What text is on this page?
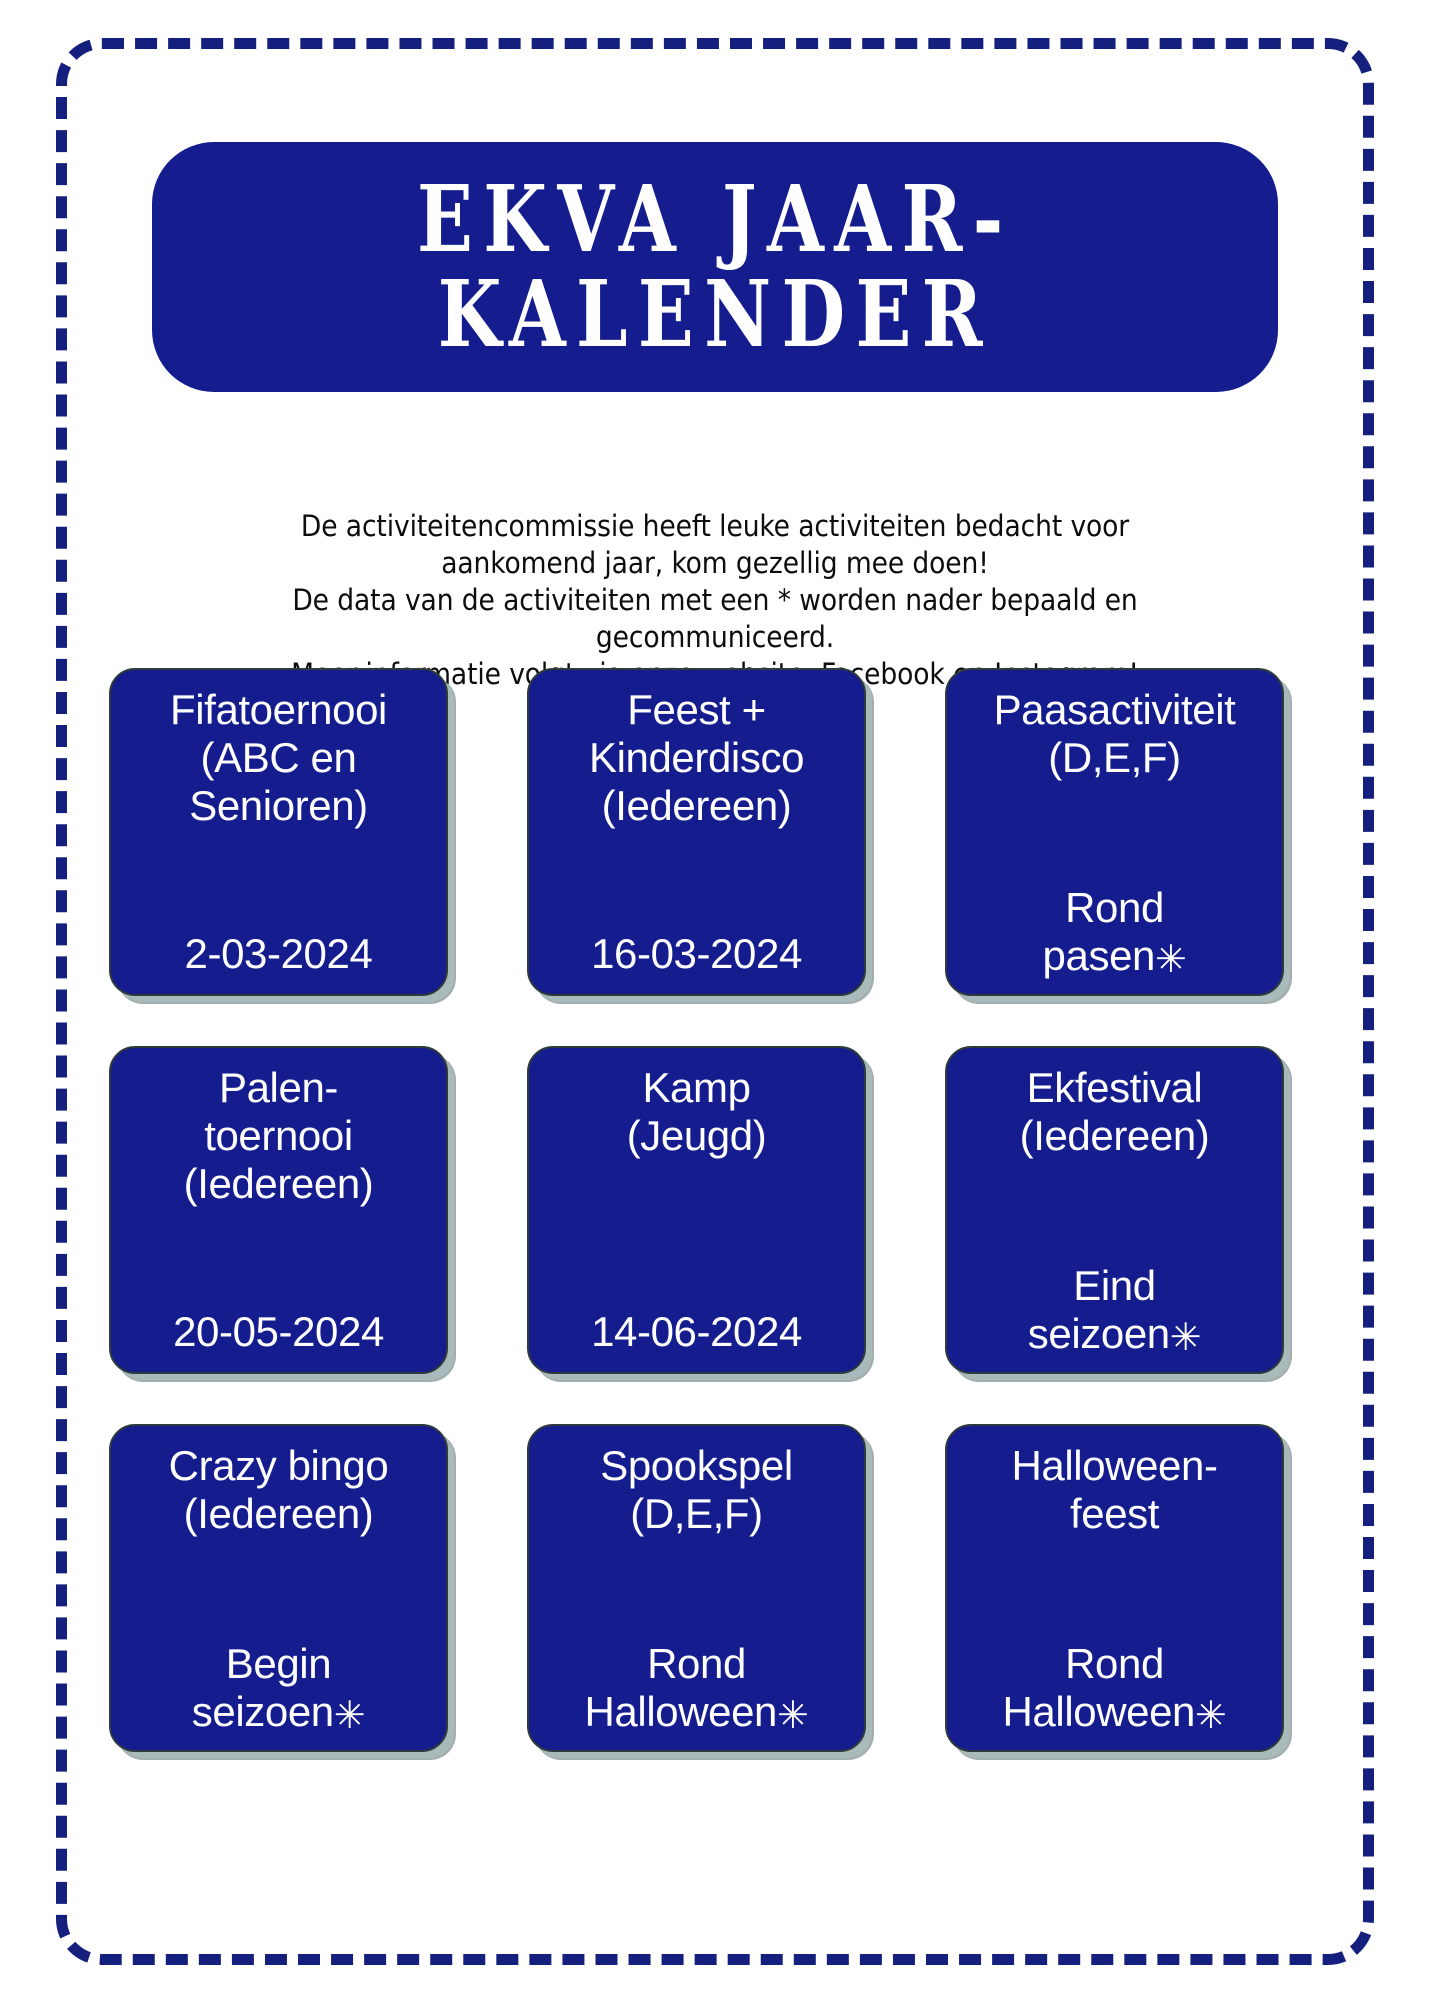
EKVA JAAR-
KALENDER

De activiteitencommissie heeft leuke activiteiten bedacht voor

aankomend jaar, kom gezellig mee doen!

De data van de activiteiten met een * worden nader bepaald en

gecommuniceerd.

Facebook

Fifatoernooi
(ABC en
Senioren)
2-03-2024
Feest +
Kinderdisco
(Iedereen)
16-03-2024
Paasactiviteit
(D,E,F)
Rond
pasen✳
Palen-
toernooi
(Iedereen)
20-05-2024
Kamp
(Jeugd)
14-06-2024
Ekfestival
(Iedereen)
Eind
seizoen✳
Crazy bingo
(Iedereen)
Begin
seizoen✳
Spookspel
(D,E,F)
Rond
Halloween✳
Halloween-
feest
Rond
Halloween✳
